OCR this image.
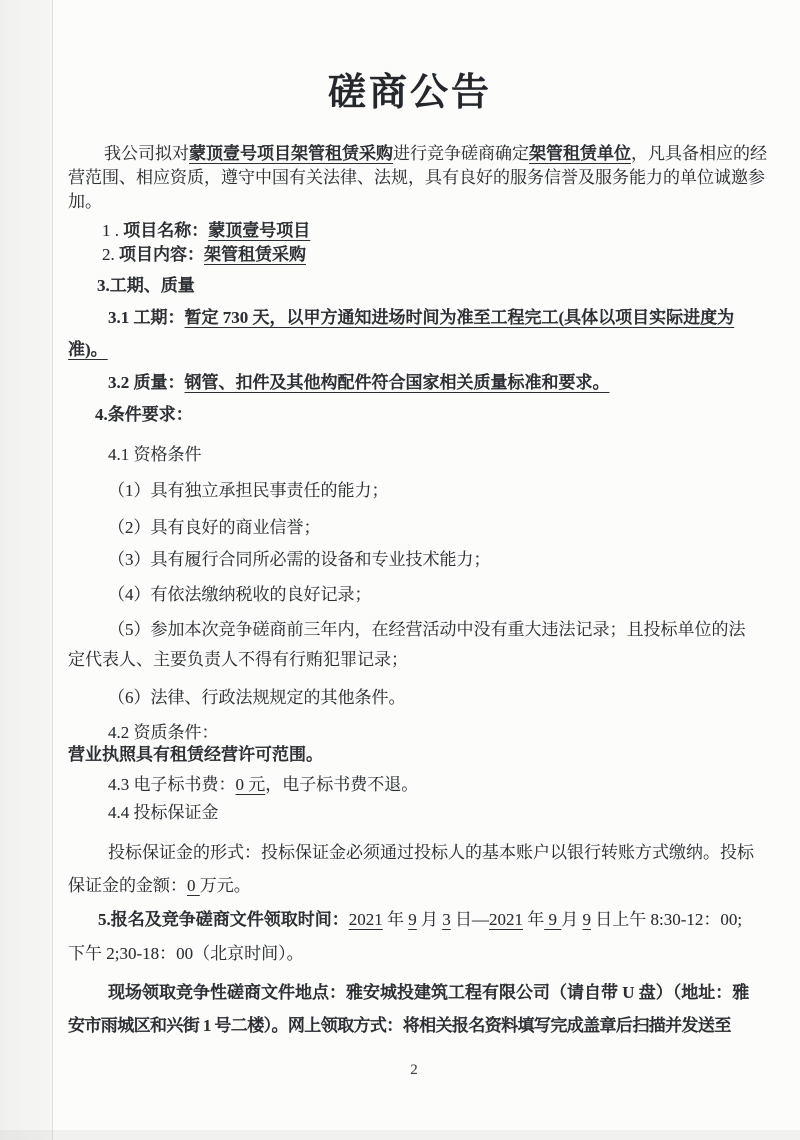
磋商公告

我公司拟对蒙顶壹号项目架管租赁采购进行竞争磋商确定架管租赁单位，凡具备相应的经
营范围、相应资质，遵守中国有关法律、法规，具有良好的服务信誉及服务能力的单位诚邀参
加。

1 . 项目名称：蒙顶壹号项目

2. 项目内容：架管租赁采购

3.工期、质量

3.1 工期：暂定 730 天，以甲方通知进场时间为准至工程完工(具体以项目实际进度为
准)。

3.2 质量：钢管、扣件及其他构配件符合国家相关质量标准和要求。

4.条件要求：

4.1 资格条件

（1）具有独立承担民事责任的能力；

（2）具有良好的商业信誉；

（3）具有履行合同所必需的设备和专业技术能力；

（4）有依法缴纳税收的良好记录；

（5）参加本次竞争磋商前三年内，在经营活动中没有重大违法记录；且投标单位的法
定代表人、主要负责人不得有行贿犯罪记录；

（6）法律、行政法规规定的其他条件。

4.2 资质条件：

营业执照具有租赁经营许可范围。

4.3 电子标书费：0 元，电子标书费不退。

4.4 投标保证金

投标保证金的形式：投标保证金必须通过投标人的基本账户以银行转账方式缴纳。投标
保证金的金额：0 万元。

5.报名及竞争磋商文件领取时间：2021 年 9 月 3 日—2021 年 9 月 9 日上午 8:30-12：00;
下午 2;30-18：00（北京时间）。

现场领取竞争性磋商文件地点：雅安城投建筑工程有限公司（请自带 U 盘）（地址：雅
安市雨城区和兴街 1 号二楼）。网上领取方式：将相关报名资料填写完成盖章后扫描并发送至

2
